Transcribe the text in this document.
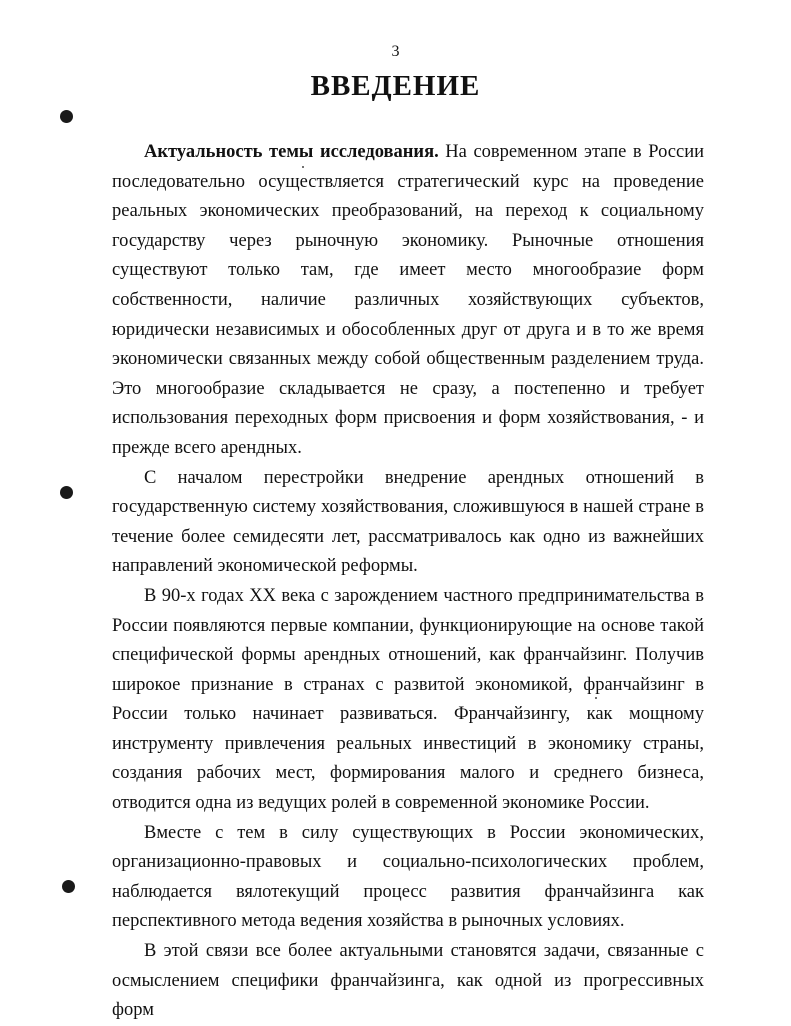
3
ВВЕДЕНИЕ

Актуальность темы исследования. На современном этапе в России последовательно осуществляется стратегический курс на проведение реальных экономических преобразований, на переход к социальному государству через рыночную экономику. Рыночные отношения существуют только там, где имеет место многообразие форм собственности, наличие различных хозяйствующих субъектов, юридически независимых и обособленных друг от друга и в то же время экономически связанных между собой общественным разделением труда. Это многообразие складывается не сразу, а постепенно и требует использования переходных форм присвоения и форм хозяйствования, - и прежде всего арендных.

С началом перестройки внедрение арендных отношений в государственную систему хозяйствования, сложившуюся в нашей стране в течение более семидесяти лет, рассматривалось как одно из важнейших направлений экономической реформы.

В 90-х годах XX века с зарождением частного предпринимательства в России появляются первые компании, функционирующие на основе такой специфической формы арендных отношений, как франчайзинг. Получив широкое признание в странах с развитой экономикой, франчайзинг в России только начинает развиваться. Франчайзингу, как мощному инструменту привлечения реальных инвестиций в экономику страны, создания рабочих мест, формирования малого и среднего бизнеса, отводится одна из ведущих ролей в современной экономике России.

Вместе с тем в силу существующих в России экономических, организационно-правовых и социально-психологических проблем, наблюдается вялотекущий процесс развития франчайзинга как перспективного метода ведения хозяйства в рыночных условиях.

В этой связи все более актуальными становятся задачи, связанные с осмыслением специфики франчайзинга, как одной из прогрессивных форм
